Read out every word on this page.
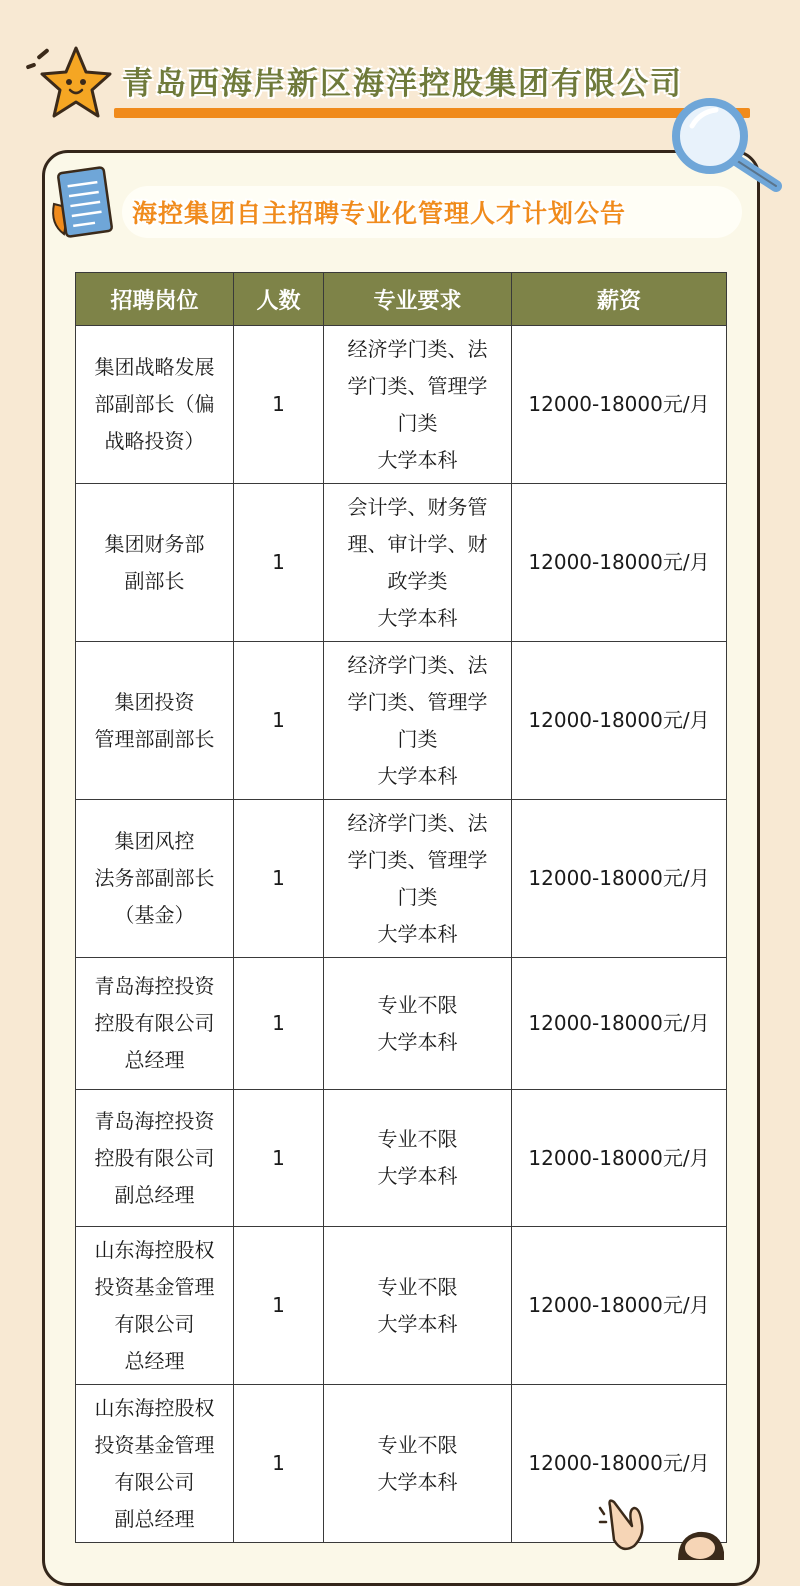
青岛西海岸新区海洋控股集团有限公司
海控集团自主招聘专业化管理人才计划公告
招聘岗位	人数	专业要求	薪资

集团战略发展
部副部长（偏
战略投资）	1	经济学门类、法
学门类、管理学
门类
大学本科	12000-18000元/月

集团财务部
副部长	1	会计学、财务管
理、审计学、财
政学类
大学本科	12000-18000元/月

集团投资
管理部副部长	1	经济学门类、法
学门类、管理学
门类
大学本科	12000-18000元/月

集团风控
法务部副部长
（基金）	1	经济学门类、法
学门类、管理学
门类
大学本科	12000-18000元/月

青岛海控投资
控股有限公司
总经理	1	专业不限
大学本科	12000-18000元/月

青岛海控投资
控股有限公司
副总经理	1	专业不限
大学本科	12000-18000元/月

山东海控股权
投资基金管理
有限公司
总经理	1	专业不限
大学本科	12000-18000元/月

山东海控股权
投资基金管理
有限公司
副总经理	1	专业不限
大学本科	12000-18000元/月
